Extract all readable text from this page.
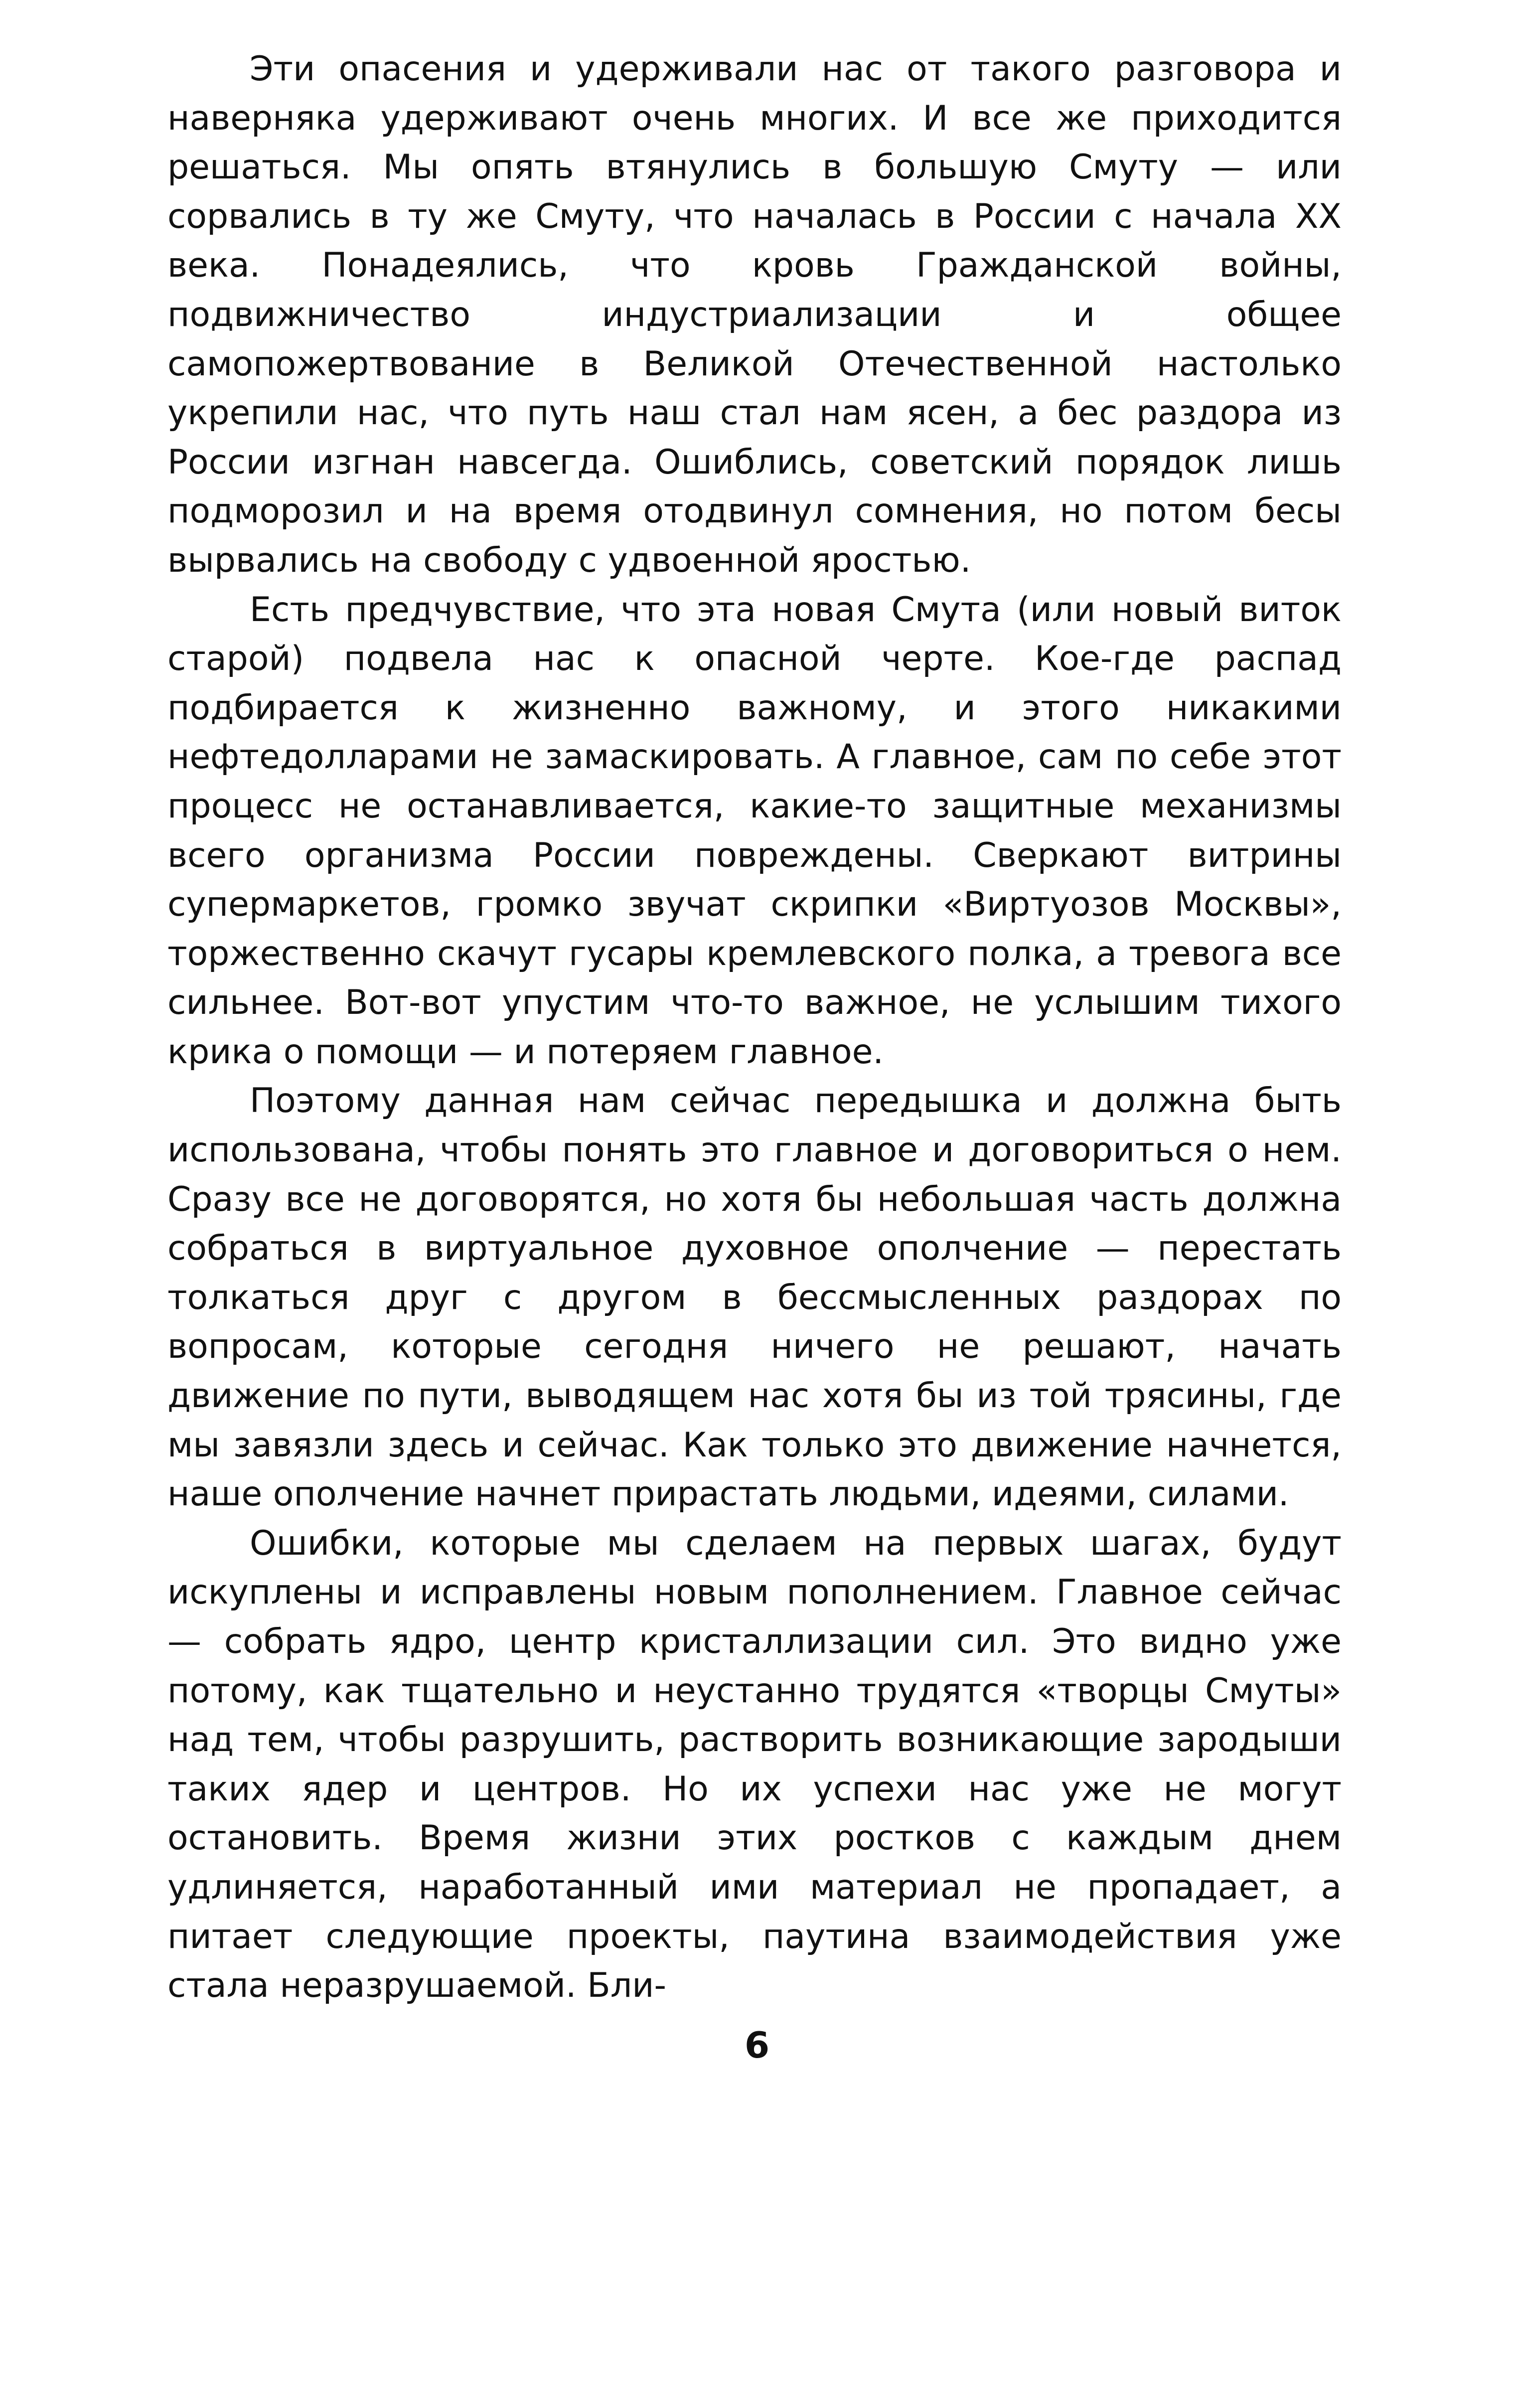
Эти опасения и удерживали нас от такого разговора и наверняка удерживают очень многих. И все же приходится решаться. Мы опять втянулись в большую Смуту — или сорвались в ту же Смуту, что началась в России с начала XX века. Понадеялись, что кровь Гражданской войны, подвижничество индустриализации и общее самопожертвование в Великой Отечественной настолько укрепили нас, что путь наш стал нам ясен, а бес раздора из России изгнан навсегда. Ошиблись, советский порядок лишь подморозил и на время отодвинул сомнения, но потом бесы вырвались на свободу с удвоенной яростью.

Есть предчувствие, что эта новая Смута (или новый виток старой) подвела нас к опасной черте. Кое-где распад подбирается к жизненно важному, и этого никакими нефтедолларами не замаскировать. А главное, сам по себе этот процесс не останавливается, какие-то защитные механизмы всего организма России повреждены. Сверкают витрины супермаркетов, громко звучат скрипки «Виртуозов Москвы», торжественно скачут гусары кремлевского полка, а тревога все сильнее. Вот-вот упустим что-то важное, не услышим тихого крика о помощи — и потеряем главное.

Поэтому данная нам сейчас передышка и должна быть использована, чтобы понять это главное и договориться о нем. Сразу все не договорятся, но хотя бы небольшая часть должна собраться в виртуальное духовное ополчение — перестать толкаться друг с другом в бессмысленных раздорах по вопросам, которые сегодня ничего не решают, начать движение по пути, выводящем нас хотя бы из той трясины, где мы завязли здесь и сейчас. Как только это движение начнется, наше ополчение начнет прирастать людьми, идеями, силами.

Ошибки, которые мы сделаем на первых шагах, будут искуплены и исправлены новым пополнением. Главное сейчас — собрать ядро, центр кристаллизации сил. Это видно уже потому, как тщательно и неустанно трудятся «творцы Смуты» над тем, чтобы разрушить, растворить возникающие зародыши таких ядер и центров. Но их успехи нас уже не могут остановить. Время жизни этих ростков с каждым днем удлиняется, наработанный ими материал не пропадает, а питает следующие проекты, паутина взаимодействия уже стала неразрушаемой. Бли-

6
